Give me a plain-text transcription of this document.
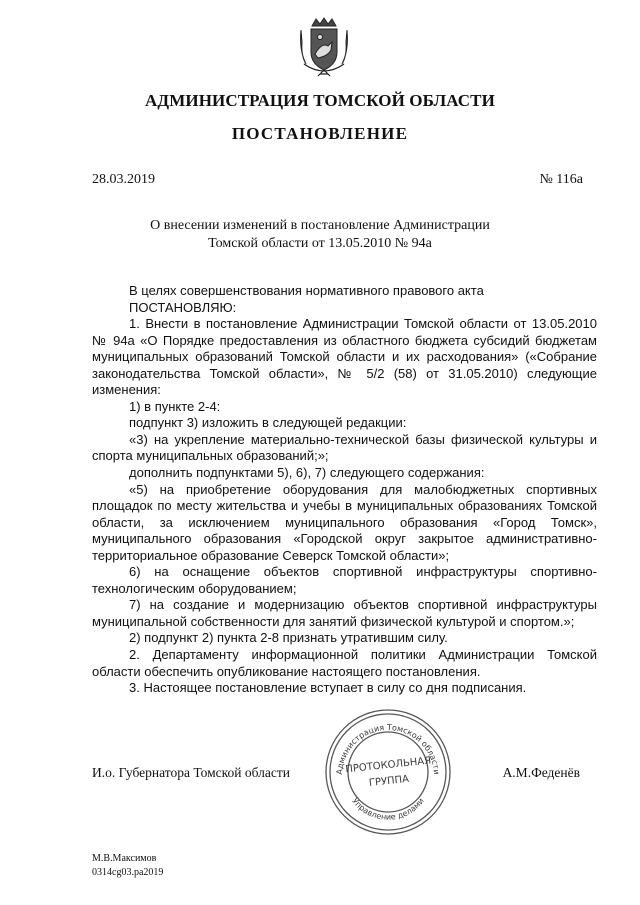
АДМИНИСТРАЦИЯ ТОМСКОЙ ОБЛАСТИ
ПОСТАНОВЛЕНИЕ
28.03.2019	№ 116а
О внесении изменений в постановление Администрации
Томской области от 13.05.2010 № 94а

В целях совершенствования нормативного правового акта

ПОСТАНОВЛЯЮ:

1. Внести в постановление Администрации Томской области от 13.05.2010 № 94а «О Порядке предоставления из областного бюджета субсидий бюджетам муниципальных образований Томской области и их расходования» («Собрание законодательства Томской области», № 5/2 (58) от 31.05.2010) следующие изменения:

1) в пункте 2-4:

подпункт 3) изложить в следующей редакции:

«3) на укрепление материально-технической базы физической культуры и спорта муниципальных образований;»;

дополнить подпунктами 5), 6), 7) следующего содержания:

«5) на приобретение оборудования для малобюджетных спортивных площадок по месту жительства и учебы в муниципальных образованиях Томской области, за исключением муниципального образования «Город Томск», муниципального образования «Городской округ закрытое административно-территориальное образование Северск Томской области»;

6) на оснащение объектов спортивной инфраструктуры спортивно-технологическим оборудованием;

7) на создание и модернизацию объектов спортивной инфраструктуры муниципальной собственности для занятий физической культурой и спортом.»;

2) подпункт 2) пункта 2-8 признать утратившим силу.

2. Департаменту информационной политики Администрации Томской области обеспечить опубликование настоящего постановления.

3. Настоящее постановление вступает в силу со дня подписания.

Администрация Томской области
Управление делами
ПРОТОКОЛЬНАЯ
ГРУППА
И.о. Губернатора Томской области	А.М.Феденёв
М.В.Максимов
0314сg03.ра2019
